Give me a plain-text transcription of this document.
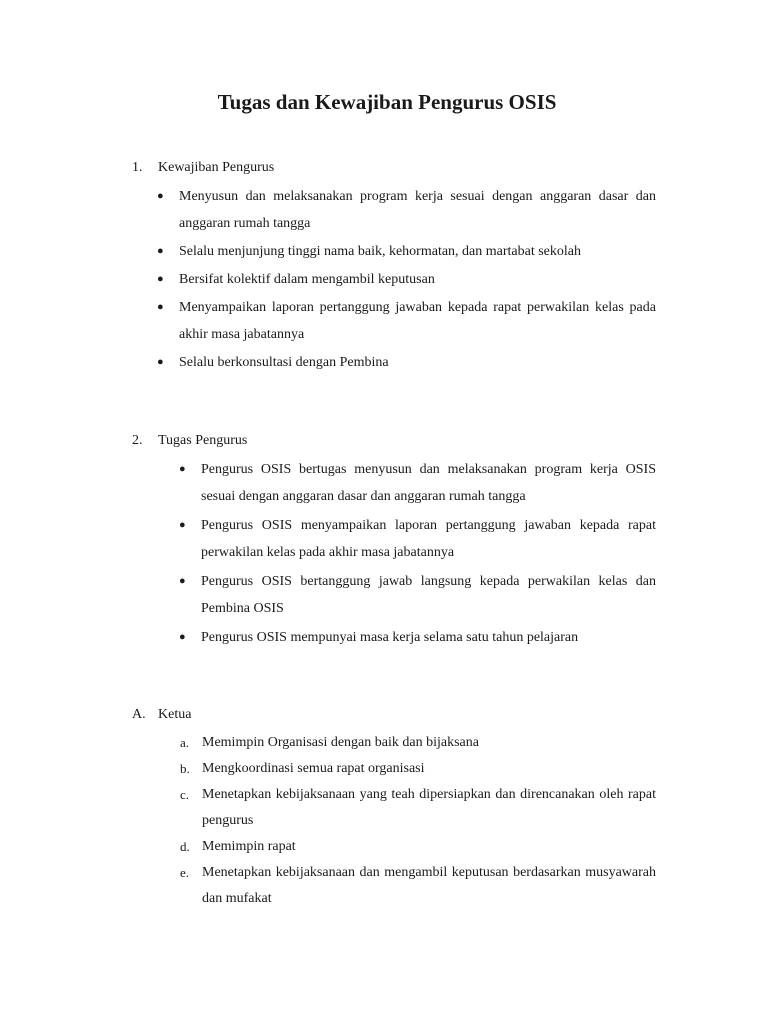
Tugas dan Kewajiban Pengurus OSIS
1.	Kewajiban Pengurus
●	Menyusun dan melaksanakan program kerja sesuai dengan anggaran dasar dan anggaran rumah tangga
●	Selalu menjunjung tinggi nama baik, kehormatan, dan martabat sekolah
●	Bersifat kolektif dalam mengambil keputusan
●	Menyampaikan laporan pertanggung jawaban kepada rapat perwakilan kelas pada akhir masa jabatannya
●	Selalu berkonsultasi dengan Pembina
2.	Tugas Pengurus
●	Pengurus OSIS bertugas menyusun dan melaksanakan program kerja OSIS sesuai dengan anggaran dasar dan anggaran rumah tangga
●	Pengurus OSIS menyampaikan laporan pertanggung jawaban kepada rapat perwakilan kelas pada akhir masa jabatannya
●	Pengurus OSIS bertanggung jawab langsung kepada perwakilan kelas dan Pembina OSIS
●	Pengurus OSIS mempunyai masa kerja selama satu tahun pelajaran
A. Ketua
a. Memimpin Organisasi dengan baik dan bijaksana
b. Mengkoordinasi semua rapat organisasi
c. Menetapkan kebijaksanaan yang teah dipersiapkan dan direncanakan oleh rapat pengurus
d. Memimpin rapat
e. Menetapkan kebijaksanaan dan mengambil keputusan berdasarkan musyawarah dan mufakat
